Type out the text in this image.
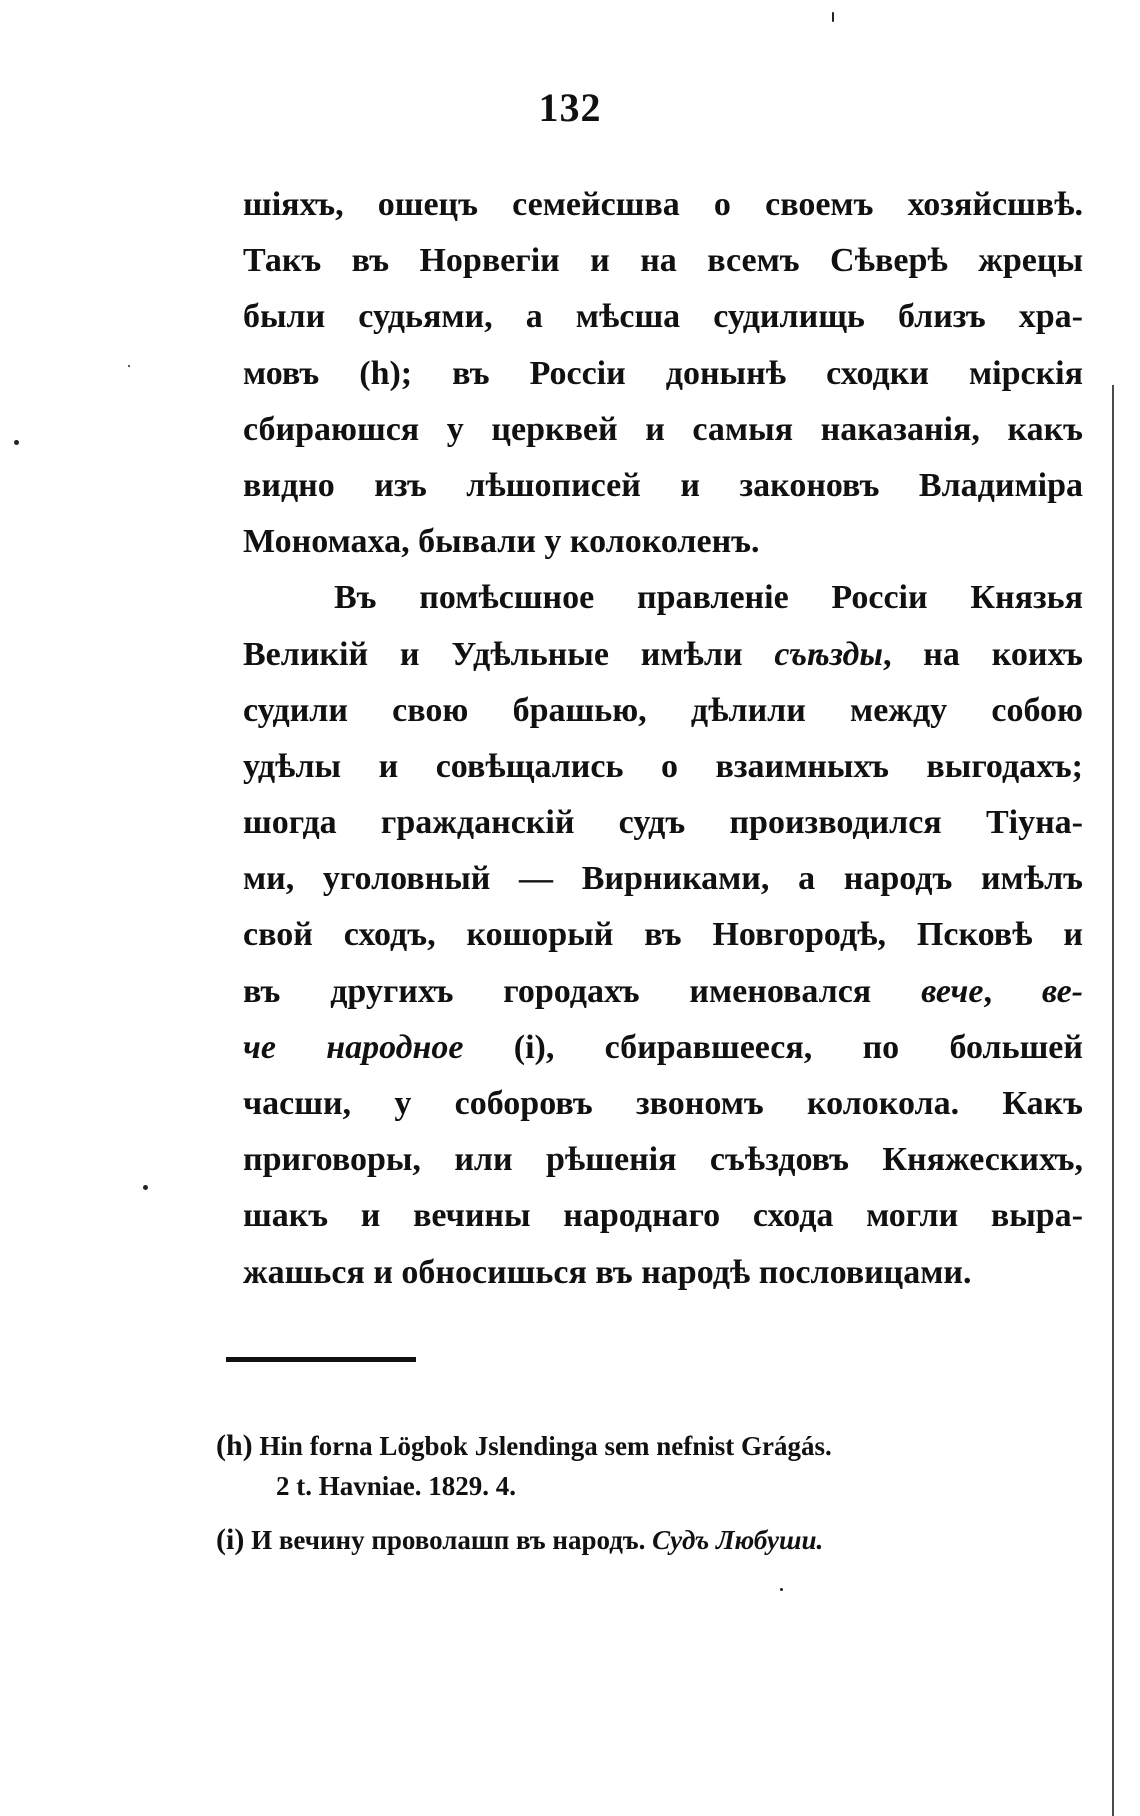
132
шіяхъ, ошецъ семейсшва о своемъ хозяйсшвѣ.
Такъ въ Норвегіи и на всемъ Сѣверѣ жрецы
были судьями, а мѣсша судилищь близъ хра-
мовъ (h); въ Россіи донынѣ сходки мірскія
сбираюшся у церквей и самыя наказанія, какъ
видно изъ лѣшописей и законовъ Владиміра
Мономаха, бывали у колоколенъ.
Въ помѣсшное правленіе Россіи Князья
Великій и Удѣльные имѣли съѣзды, на коихъ
судили свою брашью, дѣлили между собою
удѣлы и совѣщались о взаимныхъ выгодахъ;
шогда гражданскій судъ производился Тіуна-
ми, уголовный — Вирниками, а народъ имѣлъ
свой сходъ, кошорый въ Новгородѣ, Псковѣ и
въ другихъ городахъ именовался вече, ве-
че народное (i), сбиравшееся, по большей
часши, у соборовъ звономъ колокола. Какъ
приговоры, или рѣшенія съѣздовъ Княжескихъ,
шакъ и вечины народнаго схода могли выра-
жашься и обносишься въ народѣ пословицами.
(h) Hin forna Lögbok Jslendinga sem nefnist Grágás.
2 t. Havniae. 1829. 4.
(i) И вечину проволашп въ народъ. Судъ Любуши.
